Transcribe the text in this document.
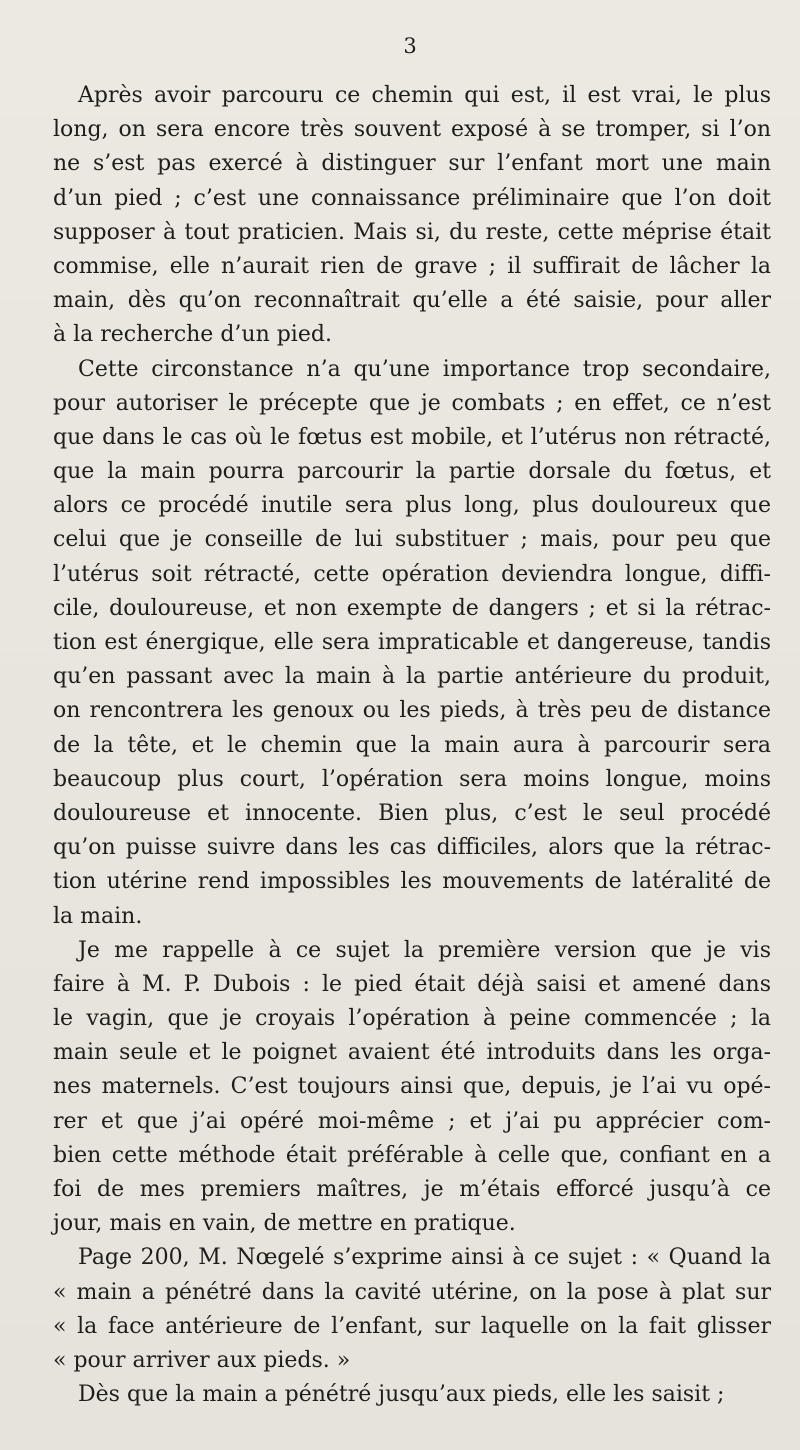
3
Après avoir parcouru ce chemin qui est, il est vrai, le plus
long, on sera encore très souvent exposé à se tromper, si l’on
ne s’est pas exercé à distinguer sur l’enfant mort une main
d’un pied ; c’est une connaissance préliminaire que l’on doit
supposer à tout praticien. Mais si, du reste, cette méprise était
commise, elle n’aurait rien de grave ; il suffirait de lâcher la
main, dès qu’on reconnaîtrait qu’elle a été saisie, pour aller
à la recherche d’un pied.
Cette circonstance n’a qu’une importance trop secondaire,
pour autoriser le précepte que je combats ; en effet, ce n’est
que dans le cas où le fœtus est mobile, et l’utérus non rétracté,
que la main pourra parcourir la partie dorsale du fœtus, et
alors ce procédé inutile sera plus long, plus douloureux que
celui que je conseille de lui substituer ; mais, pour peu que
l’utérus soit rétracté, cette opération deviendra longue, diffi-
cile, douloureuse, et non exempte de dangers ; et si la rétrac-
tion est énergique, elle sera impraticable et dangereuse, tandis
qu’en passant avec la main à la partie antérieure du produit,
on rencontrera les genoux ou les pieds, à très peu de distance
de la tête, et le chemin que la main aura à parcourir sera
beaucoup plus court, l’opération sera moins longue, moins
douloureuse et innocente. Bien plus, c’est le seul procédé
qu’on puisse suivre dans les cas difficiles, alors que la rétrac-
tion utérine rend impossibles les mouvements de latéralité de
la main.
Je me rappelle à ce sujet la première version que je vis
faire à M. P. Dubois : le pied était déjà saisi et amené dans
le vagin, que je croyais l’opération à peine commencée ; la
main seule et le poignet avaient été introduits dans les orga-
nes maternels. C’est toujours ainsi que, depuis, je l’ai vu opé-
rer et que j’ai opéré moi-même ; et j’ai pu apprécier com-
bien cette méthode était préférable à celle que, confiant en a
foi de mes premiers maîtres, je m’étais efforcé jusqu’à ce
jour, mais en vain, de mettre en pratique.
Page 200, M. Nœgelé s’exprime ainsi à ce sujet : « Quand la
« main a pénétré dans la cavité utérine, on la pose à plat sur
« la face antérieure de l’enfant, sur laquelle on la fait glisser
« pour arriver aux pieds. »
Dès que la main a pénétré jusqu’aux pieds, elle les saisit ;
